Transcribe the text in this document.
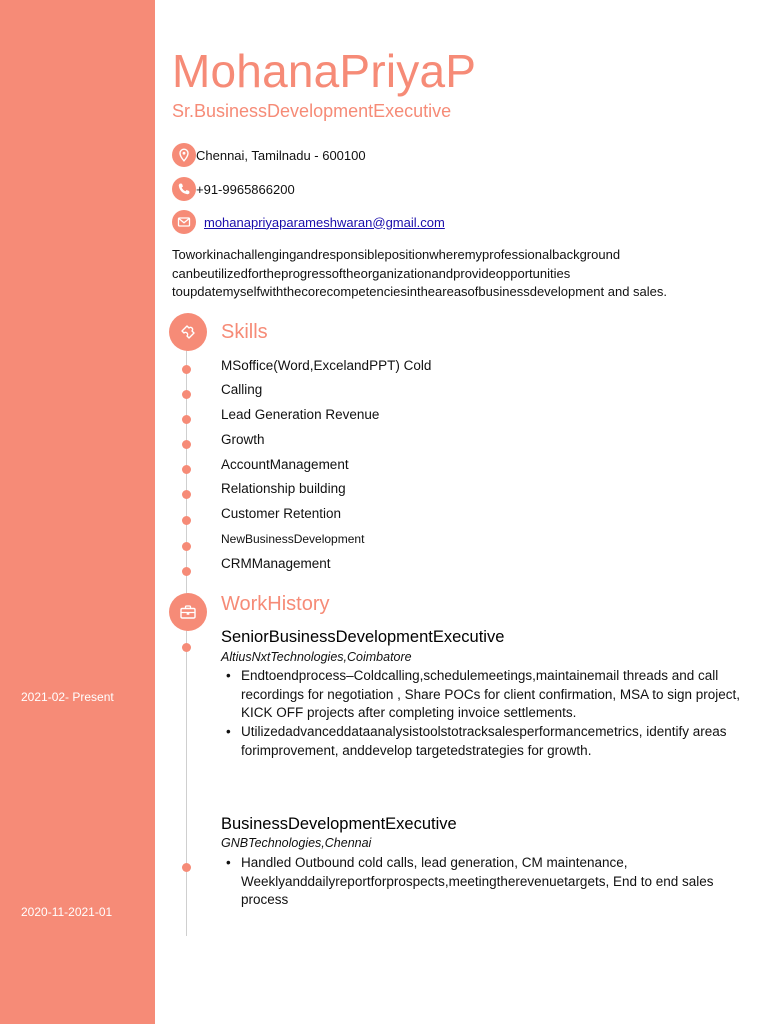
2021-02- Present
2020-11-2021-01
MohanaPriyaP
Sr.BusinessDevelopmentExecutive
Chennai, Tamilnadu - 600100
+91-9965866200
mohanapriyaparameshwaran@gmail.com
Toworkinachallengingandresponsiblepositionwheremyprofessionalbackground canbeutilizedfortheprogressoftheorganizationandprovideopportunities toupdatemyselfwiththecorecompetenciesintheareasofbusinessdevelopment and sales.
Skills
MSoffice(Word,ExcelandPPT) Cold
Calling
Lead Generation Revenue
Growth
AccountManagement
Relationship building
Customer Retention
NewBusinessDevelopment
CRMManagement
WorkHistory
SeniorBusinessDevelopmentExecutive
AltiusNxtTechnologies,Coimbatore
• Endtoendprocess–Coldcalling,schedulemeetings,maintainemail threads and call recordings for negotiation , Share POCs for client confirmation, MSA to sign project, KICK OFF projects after completing invoice settlements.
• Utilizedadvanceddataanalysistoolstotracksalesperformancemetrics, identify areas forimprovement, anddevelop targetedstrategies for growth.
BusinessDevelopmentExecutive
GNBTechnologies,Chennai
• Handled Outbound cold calls, lead generation, CM maintenance, Weeklyanddailyreportforprospects,meetingtherevenuetargets, End to end sales process
